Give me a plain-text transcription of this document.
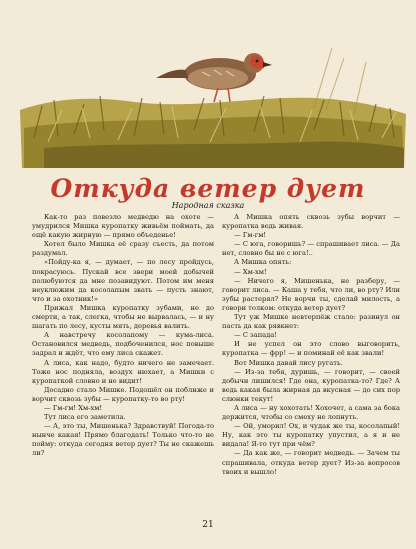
Откуда ветер дует
Народная сказка

Как-то раз повезло медведю на охоте — умудрился Мишка куропатку живьём поймать, да ещё какую жирную — прямо объеденье!

Хотел было Мишка её сразу съесть, да потом раздумал.

«Пойду-ка я, — думает, — по лесу пройдусь, покрасуюсь. Пускай все звери моей добычей полюбуются да мне позавидуют. Потом им меня неуклюжим да косолапым звать — пусть знают, что и за охотник!»

Прижал Мишка куропатку зубами, не до смерти, а так, слегка, чтобы не вырвалась, — и ну шагать по лесу, кусты мять, деревья валить.

А навстречу косолапому — кума-лиса. Остановился медведь, подбоченился, нос повыше задрал и ждёт, что ему лиса скажет.

А лиса, как надо, будто ничего не замечает. Тоже нос подняла, воздух нюхает, а Мишки с куропаткой словно и не видит!

Досадно стало Мишке. Подошёл он поближе и ворчит сквозь зубы — куропатку-то во рту!

— Гм-гм! Хм-хм!

Тут лиса его заметила.

— А, это ты, Мишенька? Здравствуй! Погода-то нынче какая! Прямо благодать! Только что-то не пойму: откуда сегодня ветер дует? Ты не скажешь ли?

А Мишка опять сквозь зубы ворчит — куропатка ведь живая.

— Гм-гм!

— С юга, говоришь? — спрашивает лиса. — Да нет, словно бы не с юга!..

А Мишка опять:

— Хм-хм!

— Ничего я, Мишенька, не разберу, — говорит лиса. — Каша у тебя, что ли, во рту? Или зубы растерял? Не ворчи ты, сделай милость, а говори толком: откуда ветер дует?

Тут уж Мишке невтерпёж стало: разинул он пасть да как рявкнет:

— С запада!

И не успел он это слово выговорить, куропатка — фрр! — и поминай её как звали!

Вот Мишка давай лису ругать.

— Из-за тебя, дуришь, — говорит, — своей добычи лишился! Где она, куропатка-то? Где? А ведь какая была жирная да вкусная — до сих пор слюнки текут!

А лиса — ну хохотать! Хохочет, а сама за бока держится, чтобы со смеху не лопнуть.

— Ой, уморил! Ох, и чудак же ты, косолапый! Ну, как это ты куропатку упустил, а я и не видала! Я-то тут при чём?

— Да как же, — говорит медведь. — Зачем ты спрашивала, откуда ветер дует? Из-за вопросов твоих и вышло!

21
